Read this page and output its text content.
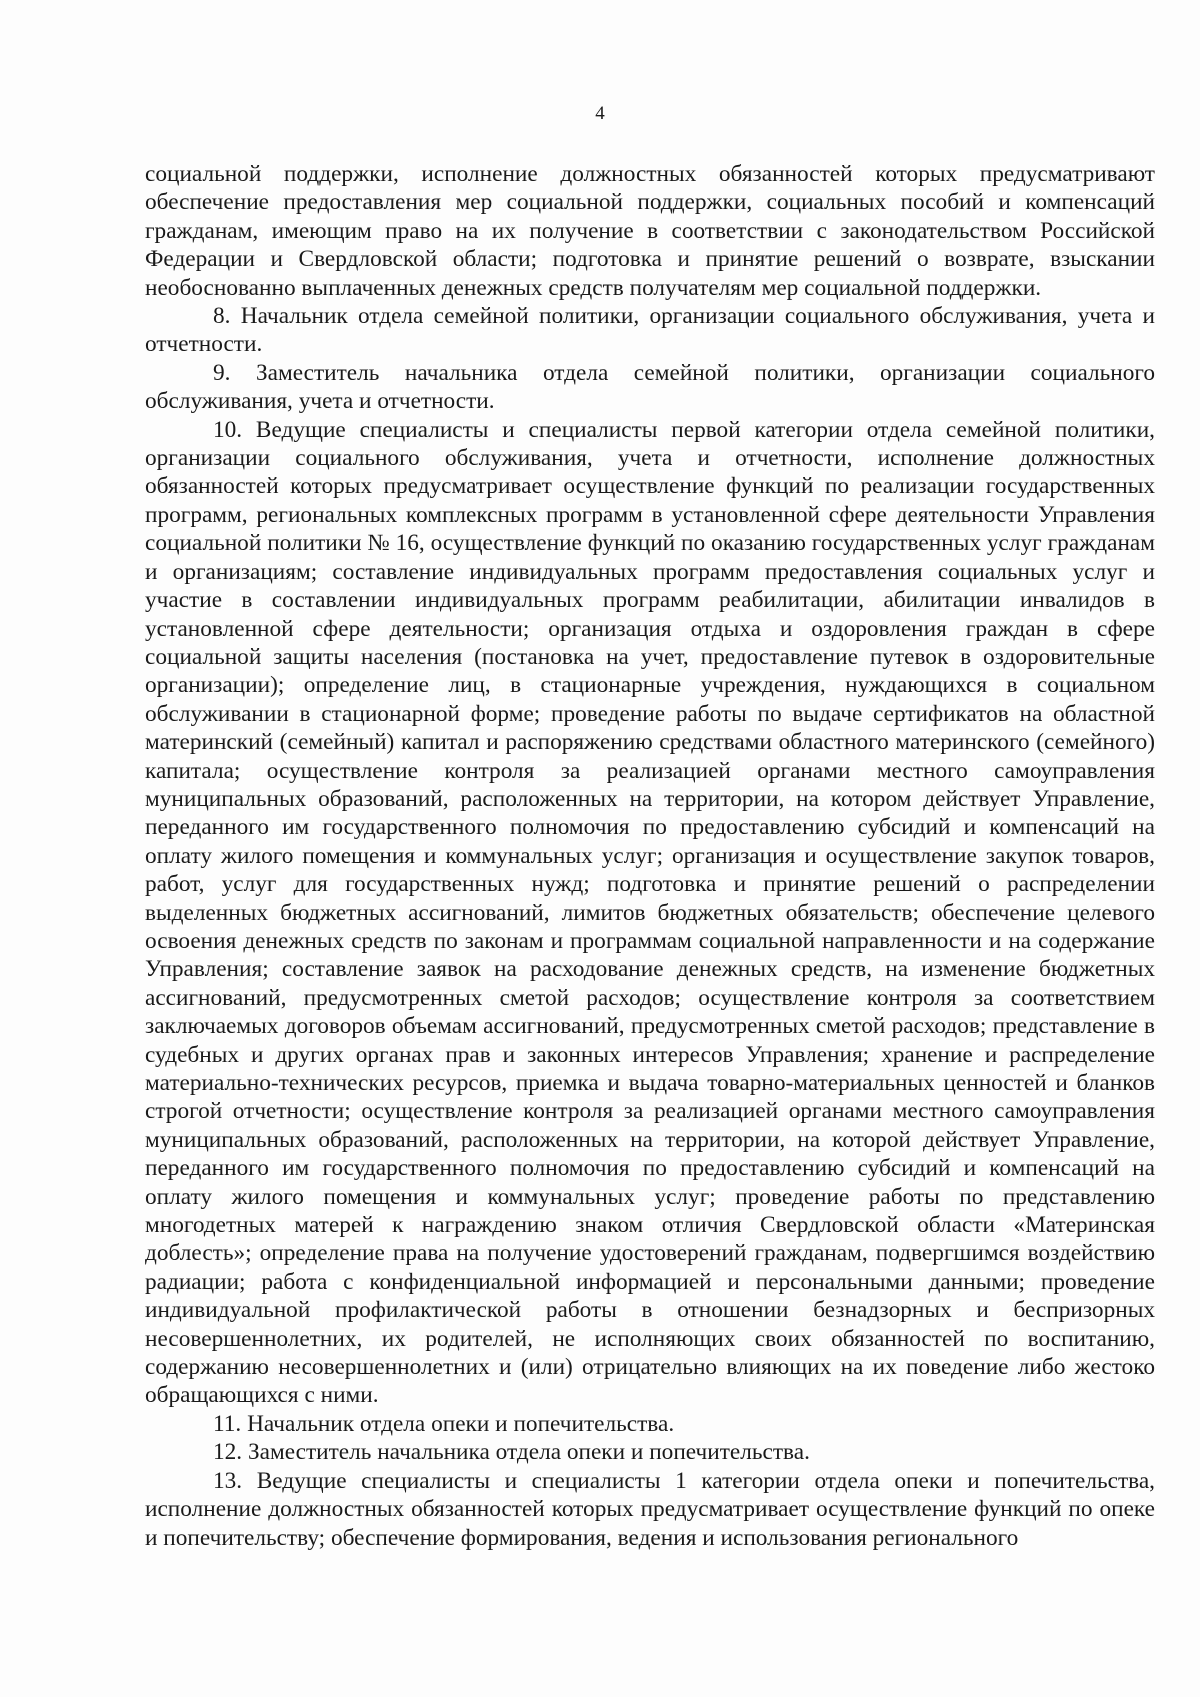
4

социальной поддержки, исполнение должностных обязанностей которых предусматривают обеспечение предоставления мер социальной поддержки, социальных пособий и компенсаций гражданам, имеющим право на их получение в соответствии с законодательством Российской Федерации и Свердловской области; подготовка и принятие решений о возврате, взыскании необоснованно выплаченных денежных средств получателям мер социальной поддержки.

8. Начальник отдела семейной политики, организации социального обслуживания, учета и отчетности.

9. Заместитель начальника отдела семейной политики, организации социального обслуживания, учета и отчетности.

10. Ведущие специалисты и специалисты первой категории отдела семейной политики, организации социального обслуживания, учета и отчетности, исполнение должностных обязанностей которых предусматривает осуществление функций по реализации государственных программ, региональных комплексных программ в установленной сфере деятельности Управления социальной политики № 16, осуществление функций по оказанию государственных услуг гражданам и организациям; составление индивидуальных программ предоставления социальных услуг и участие в составлении индивидуальных программ реабилитации, абилитации инвалидов в установленной сфере деятельности; организация отдыха и оздоровления граждан в сфере социальной защиты населения (постановка на учет, предоставление путевок в оздоровительные организации); определение лиц, в стационарные учреждения, нуждающихся в социальном обслуживании в стационарной форме; проведение работы по выдаче сертификатов на областной материнский (семейный) капитал и распоряжению средствами областного материнского (семейного) капитала; осуществление контроля за реализацией органами местного самоуправления муниципальных образований, расположенных на территории, на котором действует Управление, переданного им государственного полномочия по предоставлению субсидий и компенсаций на оплату жилого помещения и коммунальных услуг; организация и осуществление закупок товаров, работ, услуг для государственных нужд; подготовка и принятие решений о распределении выделенных бюджетных ассигнований, лимитов бюджетных обязательств; обеспечение целевого освоения денежных средств по законам и программам социальной направленности и на содержание Управления; составление заявок на расходование денежных средств, на изменение бюджетных ассигнований, предусмотренных сметой расходов; осуществление контроля за соответствием заключаемых договоров объемам ассигнований, предусмотренных сметой расходов; представление в судебных и других органах прав и законных интересов Управления; хранение и распределение материально-технических ресурсов, приемка и выдача товарно-материальных ценностей и бланков строгой отчетности; осуществление контроля за реализацией органами местного самоуправления муниципальных образований, расположенных на территории, на которой действует Управление, переданного им государственного полномочия по предоставлению субсидий и компенсаций на оплату жилого помещения и коммунальных услуг; проведение работы по представлению многодетных матерей к награждению знаком отличия Свердловской области «Материнская доблесть»; определение права на получение удостоверений гражданам, подвергшимся воздействию радиации; работа с конфиденциальной информацией и персональными данными; проведение индивидуальной профилактической работы в отношении безнадзорных и беспризорных несовершеннолетних, их родителей, не исполняющих своих обязанностей по воспитанию, содержанию несовершеннолетних и (или) отрицательно влияющих на их поведение либо жестоко обращающихся с ними.

11. Начальник отдела опеки и попечительства.

12. Заместитель начальника отдела опеки и попечительства.

13. Ведущие специалисты и специалисты 1 категории отдела опеки и попечительства, исполнение должностных обязанностей которых предусматривает осуществление функций по опеке и попечительству; обеспечение формирования, ведения и использования регионального
